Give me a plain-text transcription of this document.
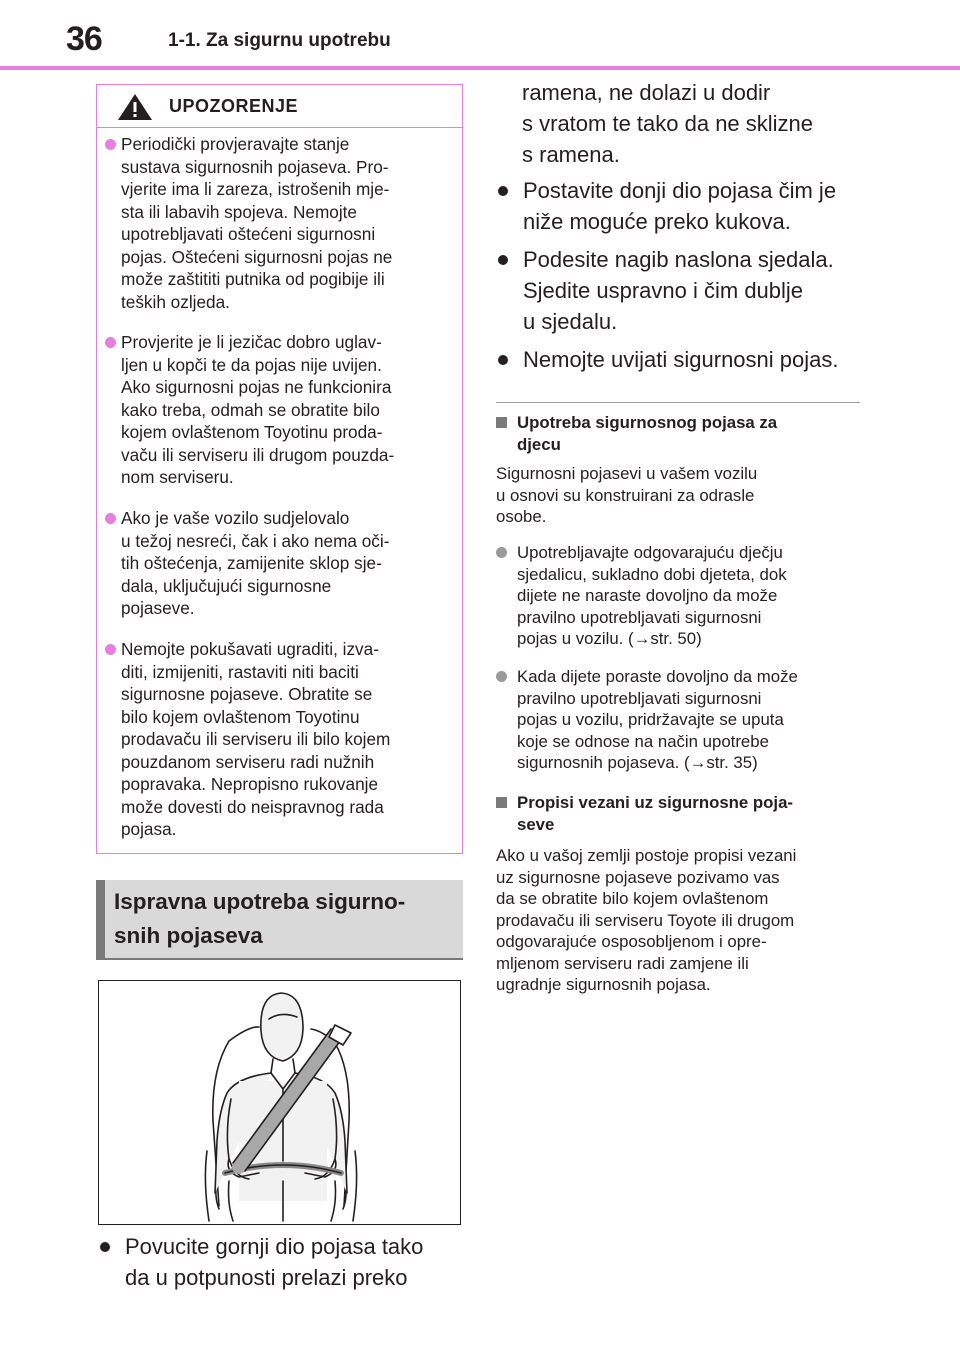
36	1-1. Za sigurnu upotrebu
UPOZORENJE
Periodički provjeravajte stanje
sustava sigurnosnih pojaseva. Pro-
vjerite ima li zareza, istrošenih mje-
sta ili labavih spojeva. Nemojte
upotrebljavati oštećeni sigurnosni
pojas. Oštećeni sigurnosni pojas ne
može zaštititi putnika od pogibije ili
teških ozljeda.
Provjerite je li jezičac dobro uglav-
ljen u kopči te da pojas nije uvijen.
Ako sigurnosni pojas ne funkcionira
kako treba, odmah se obratite bilo
kojem ovlaštenom Toyotinu proda-
vaču ili serviseru ili drugom pouzda-
nom serviseru.
Ako je vaše vozilo sudjelovalo
u težoj nesreći, čak i ako nema oči-
tih oštećenja, zamijenite sklop sje-
dala, uključujući sigurnosne
pojaseve.
Nemojte pokušavati ugraditi, izva-
diti, izmijeniti, rastaviti niti baciti
sigurnosne pojaseve. Obratite se
bilo kojem ovlaštenom Toyotinu
prodavaču ili serviseru ili bilo kojem
pouzdanom serviseru radi nužnih
popravaka. Nepropisno rukovanje
može dovesti do neispravnog rada
pojasa.
Ispravna upotreba sigurno-
snih pojaseva
Povucite gornji dio pojasa tako
da u potpunosti prelazi preko
ramena, ne dolazi u dodir
s vratom te tako da ne sklizne
s ramena.
Postavite donji dio pojasa čim je
niže moguće preko kukova.
Podesite nagib naslona sjedala.
Sjedite uspravno i čim dublje
u sjedalu.
Nemojte uvijati sigurnosni pojas.
Upotreba sigurnosnog pojasa za
djecu
Sigurnosni pojasevi u vašem vozilu
u osnovi su konstruirani za odrasle
osobe.
Upotrebljavajte odgovarajuću dječju
sjedalicu, sukladno dobi djeteta, dok
dijete ne naraste dovoljno da može
pravilno upotrebljavati sigurnosni
pojas u vozilu. (→str. 50)
Kada dijete poraste dovoljno da može
pravilno upotrebljavati sigurnosni
pojas u vozilu, pridržavajte se uputa
koje se odnose na način upotrebe
sigurnosnih pojaseva. (→str. 35)
Propisi vezani uz sigurnosne poja-
seve
Ako u vašoj zemlji postoje propisi vezani
uz sigurnosne pojaseve pozivamo vas
da se obratite bilo kojem ovlaštenom
prodavaču ili serviseru Toyote ili drugom
odgovarajuće osposobljenom i opre-
mljenom serviseru radi zamjene ili
ugradnje sigurnosnih pojasa.
